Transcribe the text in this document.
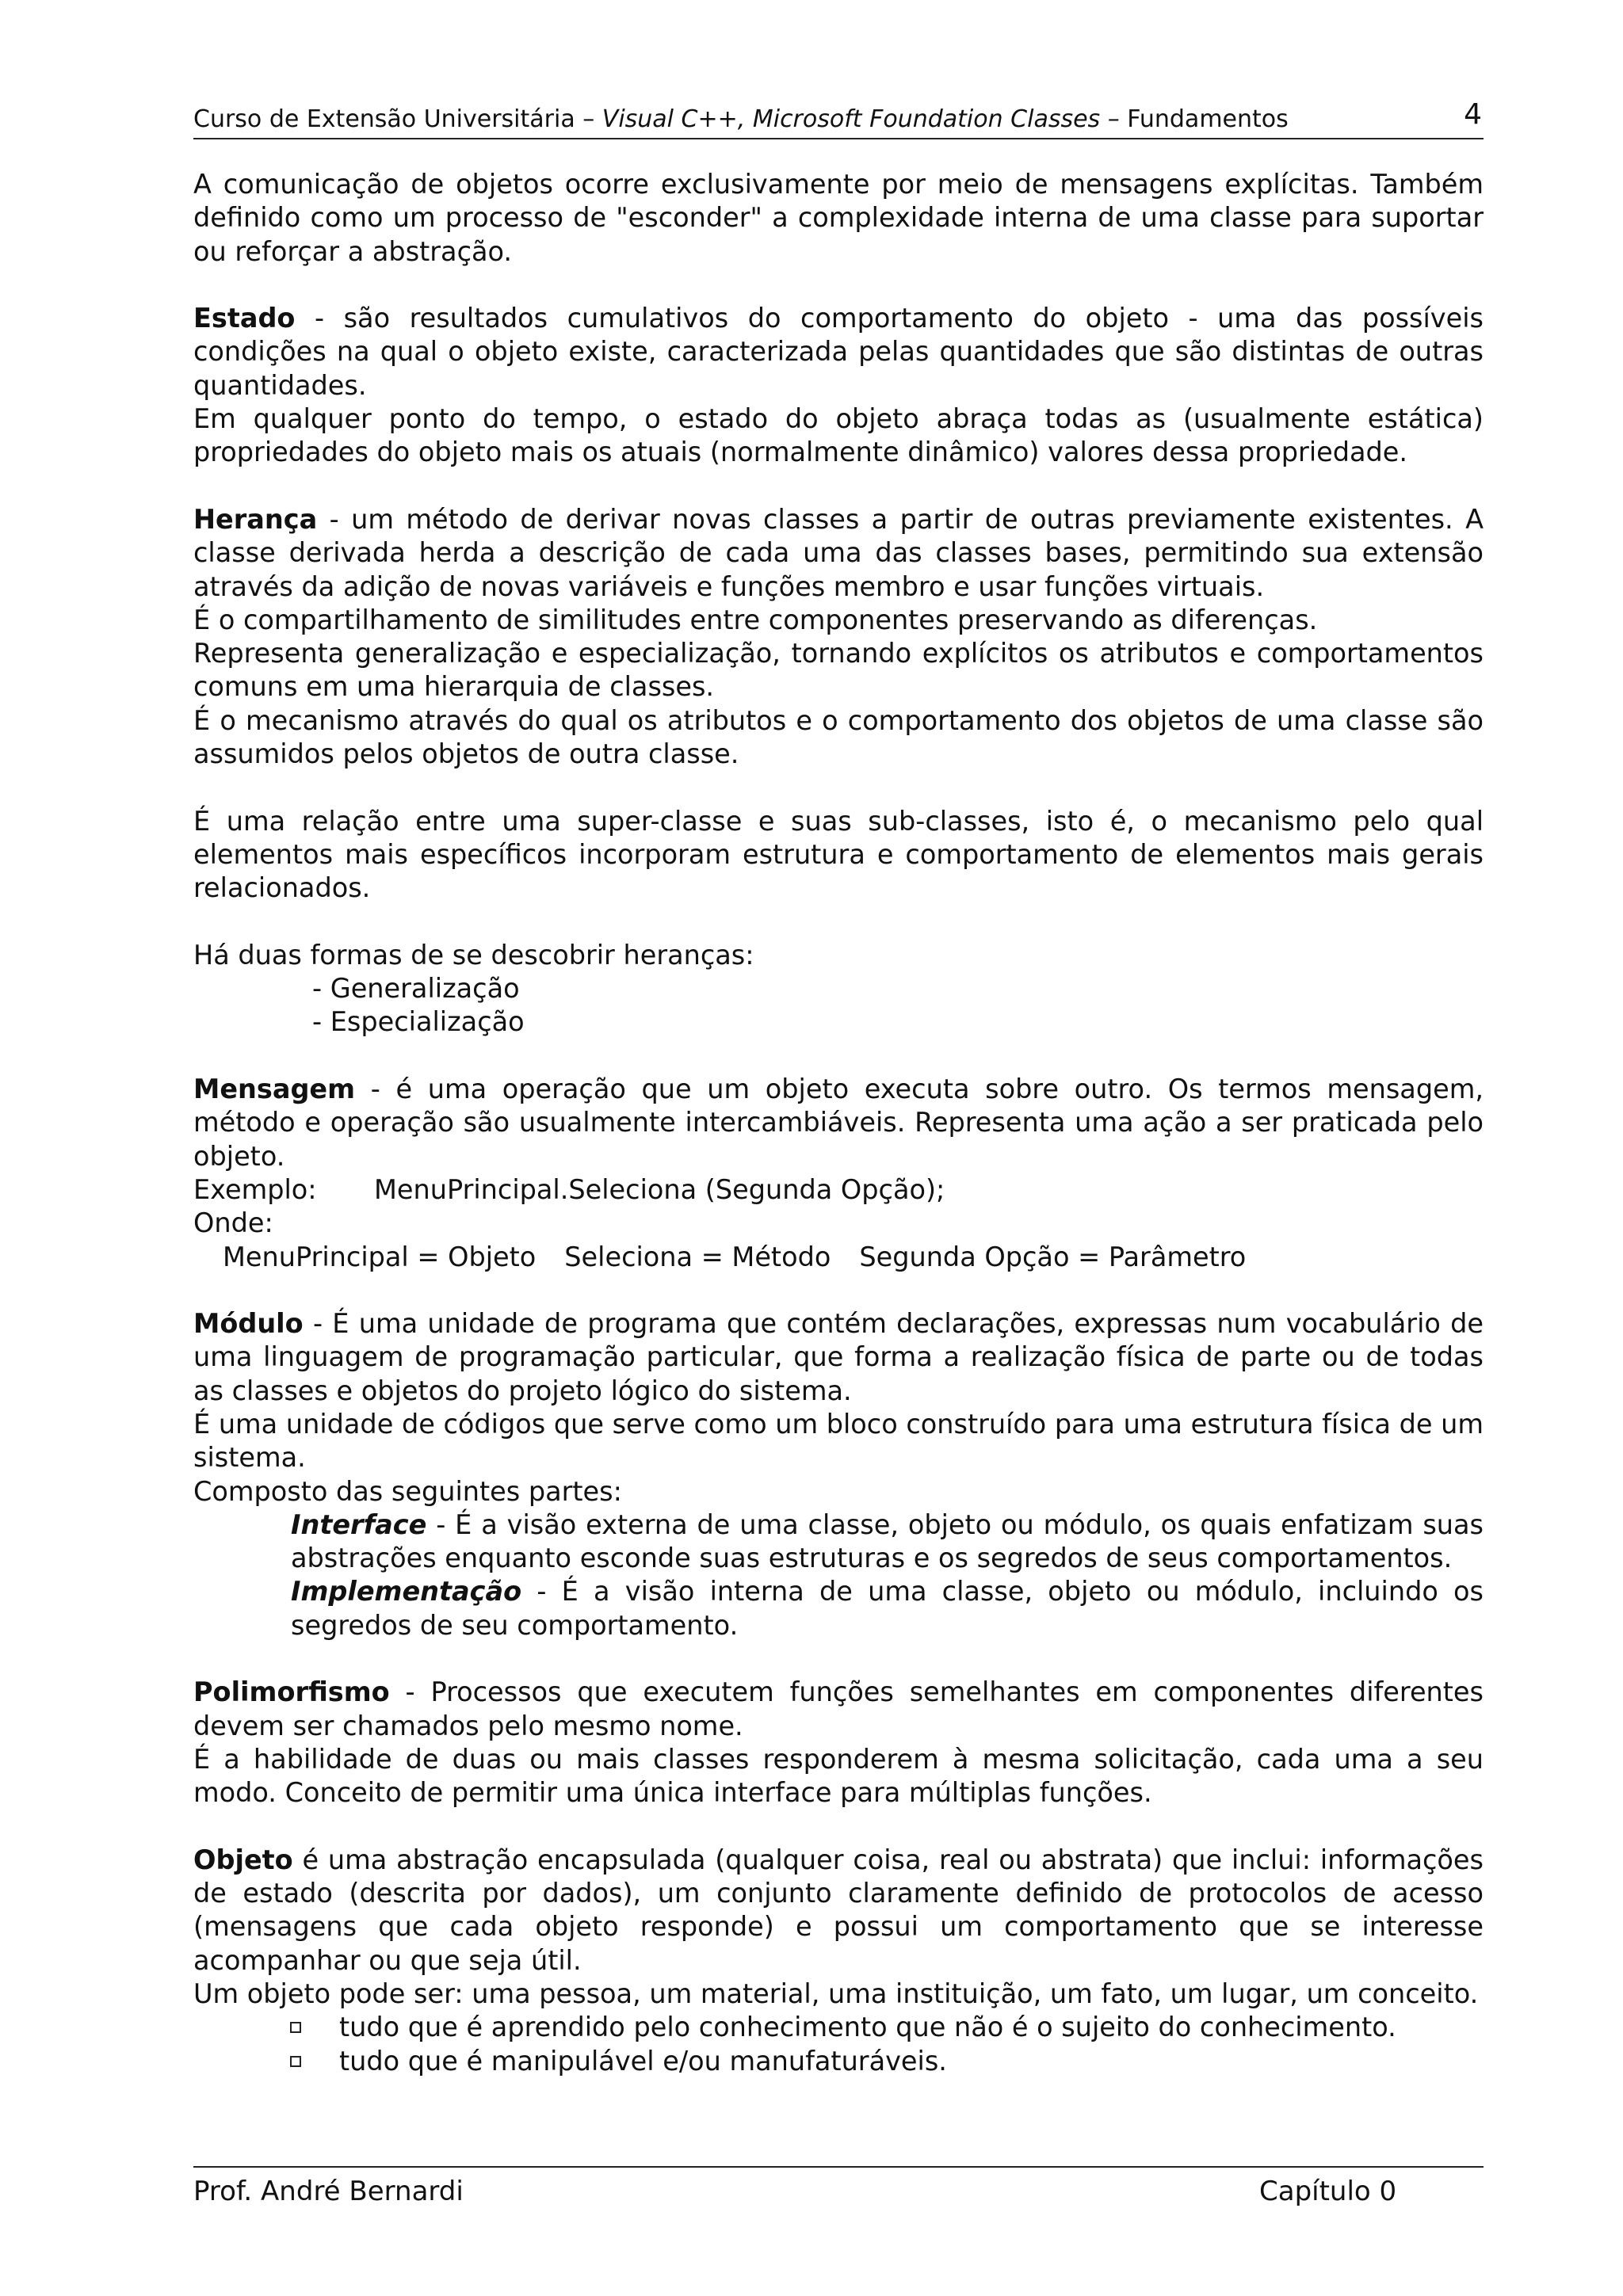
Curso de Extensão Universitária – Visual C++, Microsoft Foundation Classes – Fundamentos	4

A comunicação de objetos ocorre exclusivamente por meio de mensagens explícitas. Também definido como um processo de "esconder" a complexidade interna de uma classe para suportar ou reforçar a abstração.

Estado - são resultados cumulativos do comportamento do objeto - uma das possíveis condições na qual o objeto existe, caracterizada pelas quantidades que são distintas de outras quantidades.

Em qualquer ponto do tempo, o estado do objeto abraça todas as (usualmente estática) propriedades do objeto mais os atuais (normalmente dinâmico) valores dessa propriedade.

Herança - um método de derivar novas classes a partir de outras previamente existentes. A classe derivada herda a descrição de cada uma das classes bases, permitindo sua extensão através da adição de novas variáveis e funções membro e usar funções virtuais.

É o compartilhamento de similitudes entre componentes preservando as diferenças.

Representa generalização e especialização, tornando explícitos os atributos e comportamentos comuns em uma hierarquia de classes.

É o mecanismo através do qual os atributos e o comportamento dos objetos de uma classe são assumidos pelos objetos de outra classe.

É uma relação entre uma super-classe e suas sub-classes, isto é, o mecanismo pelo qual elementos mais específicos incorporam estrutura e comportamento de elementos mais gerais relacionados.

Há duas formas de se descobrir heranças:

- Generalização

- Especialização

Mensagem - é uma operação que um objeto executa sobre outro. Os termos mensagem, método e operação são usualmente intercambiáveis. Representa uma ação a ser praticada pelo objeto.

Exemplo: MenuPrincipal.Seleciona (Segunda Opção);

Onde:

MenuPrincipal = Objeto Seleciona = Método Segunda Opção = Parâmetro

Módulo - É uma unidade de programa que contém declarações, expressas num vocabulário de uma linguagem de programação particular, que forma a realização física de parte ou de todas as classes e objetos do projeto lógico do sistema.

É uma unidade de códigos que serve como um bloco construído para uma estrutura física de um sistema.

Composto das seguintes partes:

Interface - É a visão externa de uma classe, objeto ou módulo, os quais enfatizam suas abstrações enquanto esconde suas estruturas e os segredos de seus comportamentos.

Implementação - É a visão interna de uma classe, objeto ou módulo, incluindo os segredos de seu comportamento.

Polimorfismo - Processos que executem funções semelhantes em componentes diferentes devem ser chamados pelo mesmo nome.

É a habilidade de duas ou mais classes responderem à mesma solicitação, cada uma a seu modo. Conceito de permitir uma única interface para múltiplas funções.

Objeto é uma abstração encapsulada (qualquer coisa, real ou abstrata) que inclui: informações de estado (descrita por dados), um conjunto claramente definido de protocolos de acesso (mensagens que cada objeto responde) e possui um comportamento que se interesse acompanhar ou que seja útil.

Um objeto pode ser: uma pessoa, um material, uma instituição, um fato, um lugar, um conceito.

tudo que é aprendido pelo conhecimento que não é o sujeito do conhecimento.

tudo que é manipulável e/ou manufaturáveis.

Prof. André Bernardi	Capítulo 0
